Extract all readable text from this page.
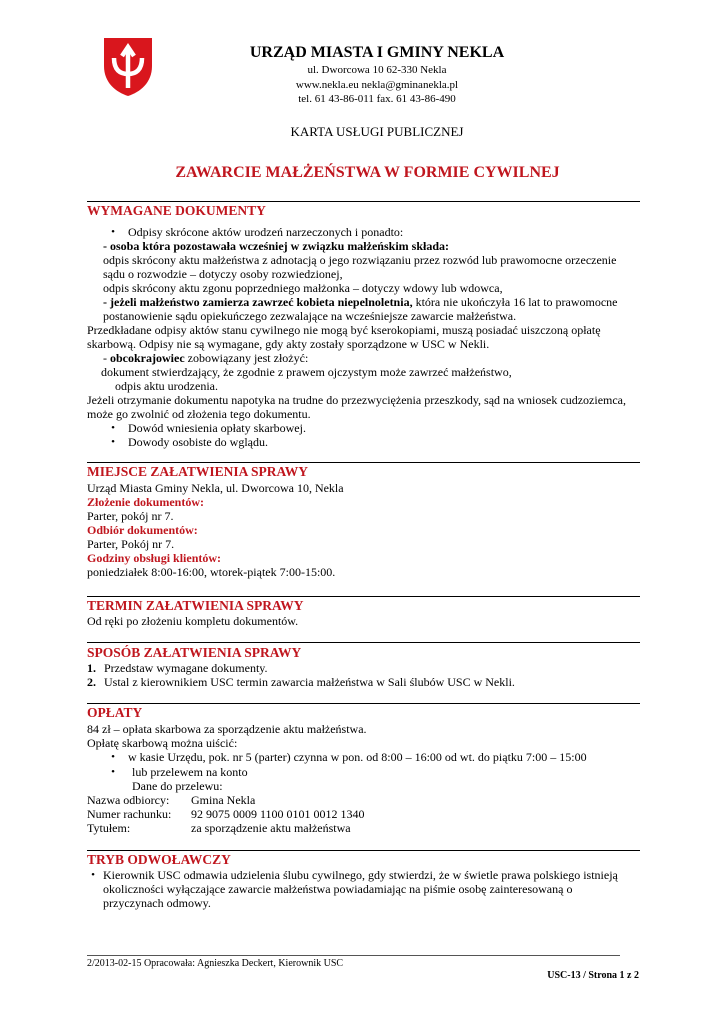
URZĄD MIASTA I GMINY NEKLA
ul. Dworcowa 10 62-330 Nekla
www.nekla.eu nekla@gminanekla.pl
tel. 61 43-86-011 fax. 61 43-86-490
KARTA USŁUGI PUBLICZNEJ
ZAWARCIE MAŁŻEŃSTWA W FORMIE CYWILNEJ
WYMAGANE DOKUMENTY
•	Odpisy skrócone aktów urodzeń narzeczonych i ponadto:
- osoba która pozostawała wcześniej w związku małżeńskim składa:
odpis skrócony aktu małżeństwa z adnotacją o jego rozwiązaniu przez rozwód lub prawomocne orzeczenie
sądu o rozwodzie – dotyczy osoby rozwiedzionej,
odpis skrócony aktu zgonu poprzedniego małżonka – dotyczy wdowy lub wdowca,
- jeżeli małżeństwo zamierza zawrzeć kobieta niepelnoletnia, która nie ukończyła 16 lat to prawomocne
postanowienie sądu opiekuńczego zezwalające na wcześniejsze zawarcie małżeństwa.
Przedkładane odpisy aktów stanu cywilnego nie mogą być kserokopiami, muszą posiadać uiszczoną opłatę
skarbową. Odpisy nie są wymagane, gdy akty zostały sporządzone w USC w Nekli.
- obcokrajowiec zobowiązany jest złożyć:
dokument stwierdzający, że zgodnie z prawem ojczystym może zawrzeć małżeństwo,
odpis aktu urodzenia.
Jeżeli otrzymanie dokumentu napotyka na trudne do przezwyciężenia przeszkody, sąd na wniosek cudzoziemca,
może go zwolnić od złożenia tego dokumentu.
•	Dowód wniesienia opłaty skarbowej.
•	Dowody osobiste do wglądu.
MIEJSCE ZAŁATWIENIA SPRAWY
Urząd Miasta Gminy Nekla, ul. Dworcowa 10, Nekla
Złożenie dokumentów:
Parter, pokój nr 7.
Odbiór dokumentów:
Parter, Pokój nr 7.
Godziny obsługi klientów:
poniedziałek 8:00-16:00, wtorek-piątek 7:00-15:00.
TERMIN ZAŁATWIENIA SPRAWY
Od ręki po złożeniu kompletu dokumentów.
SPOSÓB ZAŁATWIENIA SPRAWY
1. Przedstaw wymagane dokumenty.
2. Ustal z kierownikiem USC termin zawarcia małżeństwa w Sali ślubów USC w Nekli.
OPŁATY
84 zł – opłata skarbowa za sporządzenie aktu małżeństwa.
Opłatę skarbową można uiścić:
•	w kasie Urzędu, pok. nr 5 (parter) czynna w pon. od 8:00 – 16:00 od wt. do piątku 7:00 – 15:00
•	lub przelewem na konto
Dane do przelewu:
Nazwa odbiorcy: Gmina Nekla
Numer rachunku: 92 9075 0009 1100 0101 0012 1340
Tytułem:	za sporządzenie aktu małżeństwa
TRYB ODWOŁAWCZY
• Kierownik USC odmawia udzielenia ślubu cywilnego, gdy stwierdzi, że w świetle prawa polskiego istnieją
okoliczności wyłączające zawarcie małżeństwa powiadamiając na piśmie osobę zainteresowaną o
przyczynach odmowy.
2/2013-02-15 Opracowała: Agnieszka Deckert, Kierownik USC
USC-13 / Strona 1 z 2
